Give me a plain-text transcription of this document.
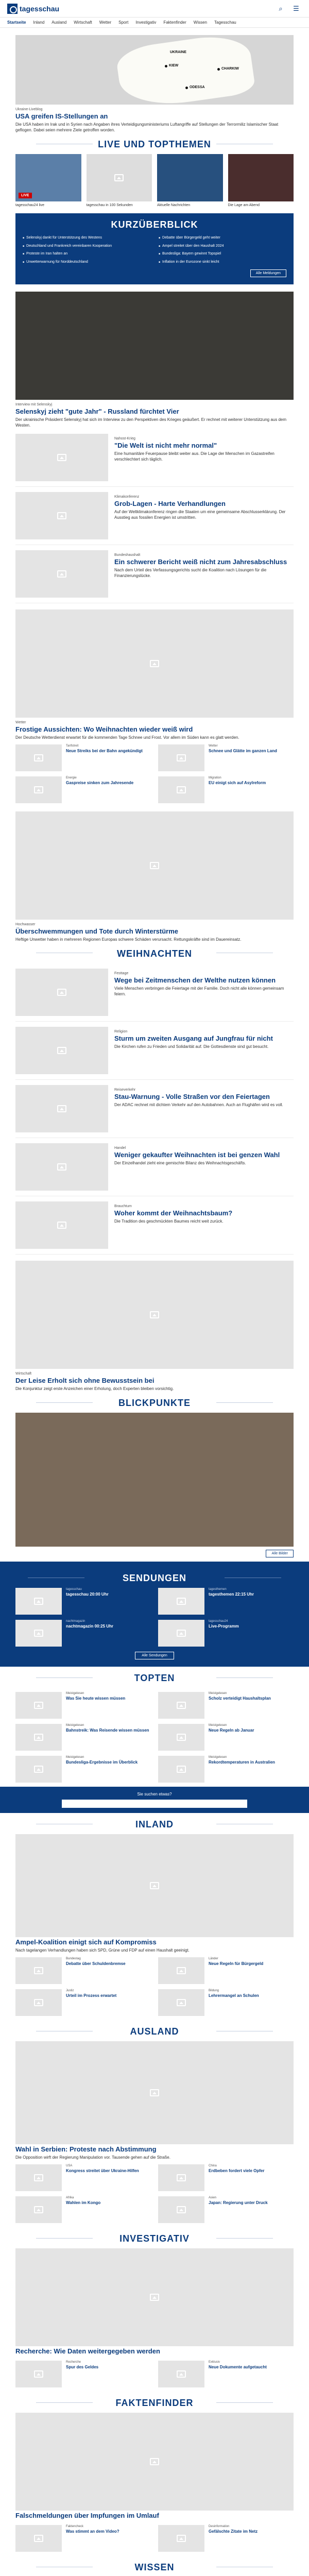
tagesschau	⌕	☰
Startseite Inland Ausland Wirtschaft Wetter Sport Investigativ Faktenfinder Wissen Tagesschau
UKRAINE
KIEW
CHARKIW
ODESSA
Ukraine-Liveblog
USA greifen IS-Stellungen an
Die USA haben im Irak und in Syrien nach Angaben ihres Verteidigungsministeriums Luftangriffe auf Stellungen der Terrormiliz Islamischer Staat geflogen. Dabei seien mehrere Ziele getroffen worden.
LIVE UND TOPTHEMEN
LIVE
tagesschau24 live	tagesschau in 100 Sekunden	Aktuelle Nachrichten	Die Lage am Abend
KURZÜBERBLICK
■ Selenskyj dankt für Unterstützung des Westens	■ Debatte über Bürgergeld geht weiter
■ Deutschland und Frankreich vereinbaren Kooperation	■ Ampel streitet über den Haushalt 2024
■ Proteste im Iran halten an	■ Bundesliga: Bayern gewinnt Topspiel
■ Unwetterwarnung für Norddeutschland	■ Inflation in der Eurozone sinkt leicht
Alle Meldungen
Interview mit Selenskyj
Selenskyj zieht "gute Jahr" - Russland fürchtet Vier
Der ukrainische Präsident Selenskyj hat sich im Interview zu den Perspektiven des Krieges geäußert. Er rechnet mit weiterer Unterstützung aus dem Westen.
Nahost-Krieg
"Die Welt ist nicht mehr normal"
Eine humanitäre Feuerpause bleibt weiter aus. Die Lage der Menschen im Gazastreifen verschlechtert sich täglich.
Klimakonferenz
Grob-Lagen - Harte Verhandlungen
Auf der Weltklimakonferenz ringen die Staaten um eine gemeinsame Abschlusserklärung. Der Ausstieg aus fossilen Energien ist umstritten.
Bundeshaushalt
Ein schwerer Bericht weiß nicht zum Jahresabschluss
Nach dem Urteil des Verfassungsgerichts sucht die Koalition nach Lösungen für die Finanzierungslücke.
Wetter
Frostige Aussichten: Wo Weihnachten wieder weiß wird
Der Deutsche Wetterdienst erwartet für die kommenden Tage Schnee und Frost. Vor allem im Süden kann es glatt werden.
Tarifstreit
Neue Streiks bei der Bahn angekündigt
Wetter
Schnee und Glätte im ganzen Land
Energie
Gaspreise sinken zum Jahresende
Migration
EU einigt sich auf Asylreform
Hochwasser
Überschwemmungen und Tote durch Winterstürme
Heftige Unwetter haben in mehreren Regionen Europas schwere Schäden verursacht. Rettungskräfte sind im Dauereinsatz.
WEIHNACHTEN
Festtage
Wege bei Zeitmenschen der Welthe nutzen können
Viele Menschen verbringen die Feiertage mit der Familie. Doch nicht alle können gemeinsam feiern.
Religion
Sturm um zweiten Ausgang auf Jungfrau für nicht
Die Kirchen rufen zu Frieden und Solidarität auf. Die Gottesdienste sind gut besucht.
Reiseverkehr
Stau-Warnung - Volle Straßen vor den Feiertagen
Der ADAC rechnet mit dichtem Verkehr auf den Autobahnen. Auch an Flughäfen wird es voll.
Handel
Weniger gekaufter Weihnachten ist bei genzen Wahl
Der Einzelhandel zieht eine gemischte Bilanz des Weihnachtsgeschäfts.
Brauchtum
Woher kommt der Weihnachtsbaum?
Die Tradition des geschmückten Baumes reicht weit zurück.
Wirtschaft
Der Leise Erholt sich ohne Bewusstsein bei
Die Konjunktur zeigt erste Anzeichen einer Erholung, doch Experten bleiben vorsichtig.
BLICKPUNKTE
Alle Bilder
SENDUNGEN
tagesschau
tagesschau 20:00 Uhr
tagesthemen
tagesthemen 22:15 Uhr
nachtmagazin
nachtmagazin 00:25 Uhr
tagesschau24
Live-Programm
Alle Sendungen
TOPTEN
Meistgelesen
Was Sie heute wissen müssen
Meistgelesen
Scholz verteidigt Haushaltsplan
Meistgelesen
Bahnstreik: Was Reisende wissen müssen
Meistgelesen
Neue Regeln ab Januar
Meistgelesen
Bundesliga-Ergebnisse im Überblick
Meistgelesen
Rekordtemperaturen in Australien
Sie suchen etwas?
INLAND
Ampel-Koalition einigt sich auf Kompromiss
Nach tagelangen Verhandlungen haben sich SPD, Grüne und FDP auf einen Haushalt geeinigt.
Bundestag
Debatte über Schuldenbremse
Länder
Neue Regeln für Bürgergeld
Justiz
Urteil im Prozess erwartet
Bildung
Lehrermangel an Schulen
AUSLAND
Wahl in Serbien: Proteste nach Abstimmung
Die Opposition wirft der Regierung Manipulation vor. Tausende gehen auf die Straße.
USA
Kongress streitet über Ukraine-Hilfen
China
Erdbeben fordert viele Opfer
Afrika
Wahlen im Kongo
Asien
Japan: Regierung unter Druck
INVESTIGATIV
Recherche: Wie Daten weitergegeben werden
Recherche
Spur des Geldes
Exklusiv
Neue Dokumente aufgetaucht
FAKTENFINDER
Falschmeldungen über Impfungen im Umlauf
Faktencheck
Was stimmt an dem Video?
Desinformation
Gefälschte Zitate im Netz
WISSEN
